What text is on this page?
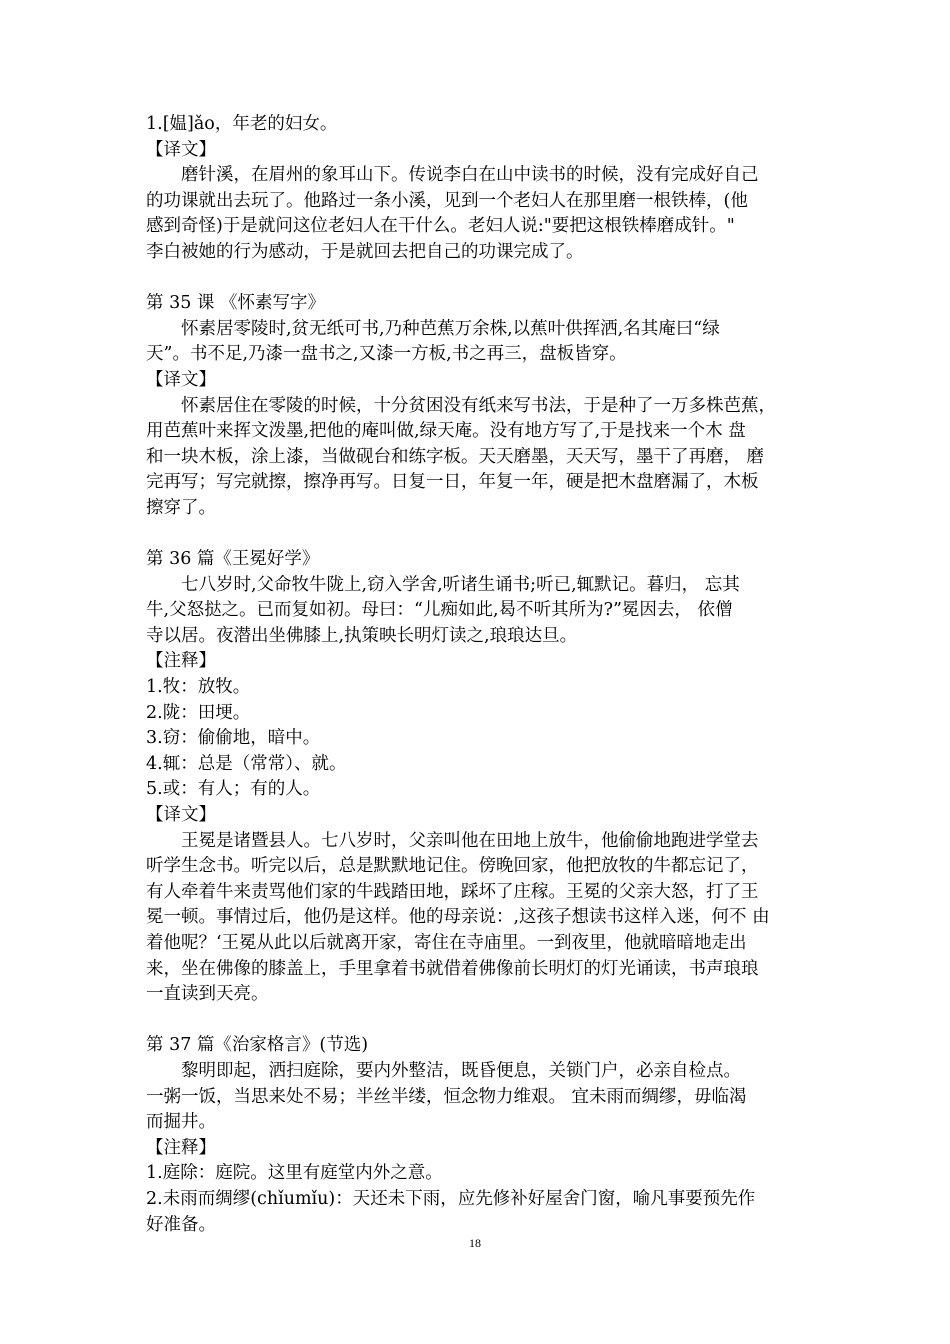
1.[媪]ǎo，年老的妇女。
【译文】
磨针溪，在眉州的象耳山下。传说李白在山中读书的时候，没有完成好自己
的功课就出去玩了。他路过一条小溪，见到一个老妇人在那里磨一根铁棒，(他
感到奇怪)于是就问这位老妇人在干什么。老妇人说:"要把这根铁棒磨成针。"
李白被她的行为感动，于是就回去把自己的功课完成了。
第 35 课 《怀素写字》
怀素居零陵时,贫无纸可书,乃种芭蕉万余株,以蕉叶供挥洒,名其庵曰“绿
天”。书不足,乃漆一盘书之,又漆一方板,书之再三，盘板皆穿。
【译文】
怀素居住在零陵的时候，十分贫困没有纸来写书法，于是种了一万多株芭蕉，
用芭蕉叶来挥文泼墨,把他的庵叫做,绿天庵。没有地方写了,于是找来一个木 盘
和一块木板，涂上漆，当做砚台和练字板。天天磨墨，天天写，墨干了再磨， 磨
完再写；写完就擦，擦净再写。日复一日，年复一年，硬是把木盘磨漏了，木板
擦穿了。
第 36 篇《王冕好学》
七八岁时,父命牧牛陇上,窃入学舍,听诸生诵书;听已,辄默记。暮归， 忘其
牛,父怒挞之。已而复如初。母曰：“儿痴如此,曷不听其所为?”冕因去， 依僧
寺以居。夜潜出坐佛膝上,执策映长明灯读之,琅琅达旦。
【注释】
1.牧：放牧。
2.陇：田埂。
3.窃：偷偷地，暗中。
4.辄：总是（常常）、就。
5.或：有人；有的人。
【译文】
王冕是诸暨县人。七八岁时，父亲叫他在田地上放牛，他偷偷地跑进学堂去
听学生念书。听完以后，总是默默地记住。傍晚回家，他把放牧的牛都忘记了，
有人牵着牛来责骂他们家的牛践踏田地，踩坏了庄稼。王冕的父亲大怒，打了王
冕一顿。事情过后，他仍是这样。他的母亲说：,这孩子想读书这样入迷，何不 由
着他呢？‘王冕从此以后就离开家，寄住在寺庙里。一到夜里，他就暗暗地走出
来，坐在佛像的膝盖上，手里拿着书就借着佛像前长明灯的灯光诵读，书声琅琅
一直读到天亮。
第 37 篇《治家格言》(节选)
黎明即起，洒扫庭除，要内外整洁，既昏便息，关锁门户，必亲自检点。
一粥一饭，当思来处不易；半丝半缕，恒念物力维艰。 宜未雨而绸缪，毋临渴
而掘井。
【注释】
1.庭除：庭院。这里有庭堂内外之意。
2.未雨而绸缪(chǐumǐu)：天还未下雨，应先修补好屋舍门窗，喻凡事要预先作
好准备。
18
